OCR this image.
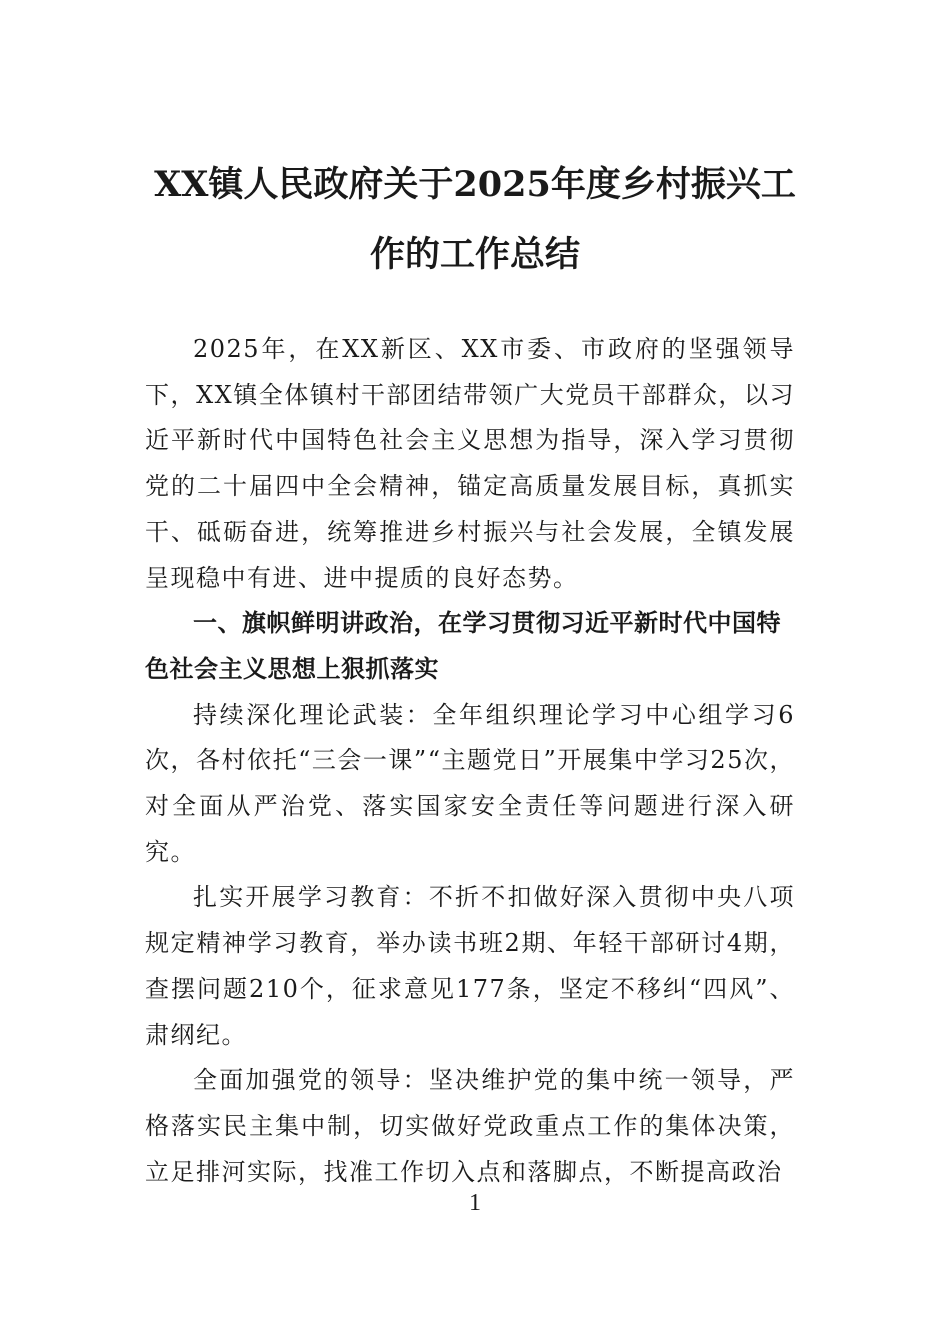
XX镇人民政府关于2025年度乡村振兴工作的工作总结

2025年，在XX新区、XX市委、市政府的坚强领导下，XX镇全体镇村干部团结带领广大党员干部群众，以习近平新时代中国特色社会主义思想为指导，深入学习贯彻党的二十届四中全会精神，锚定高质量发展目标，真抓实干、砥砺奋进，统筹推进乡村振兴与社会发展，全镇发展呈现稳中有进、进中提质的良好态势。

一、旗帜鲜明讲政治，在学习贯彻习近平新时代中国特色社会主义思想上狠抓落实

持续深化理论武装：全年组织理论学习中心组学习6次，各村依托“三会一课”“主题党日”开展集中学习25次，对全面从严治党、落实国家安全责任等问题进行深入研究。

扎实开展学习教育：不折不扣做好深入贯彻中央八项规定精神学习教育，举办读书班2期、年轻干部研讨4期，查摆问题210个，征求意见177条，坚定不移纠“四风”、肃纲纪。

全面加强党的领导：坚决维护党的集中统一领导，严格落实民主集中制，切实做好党政重点工作的集体决策，立足排河实际，找准工作切入点和落脚点，不断提高政治

1
